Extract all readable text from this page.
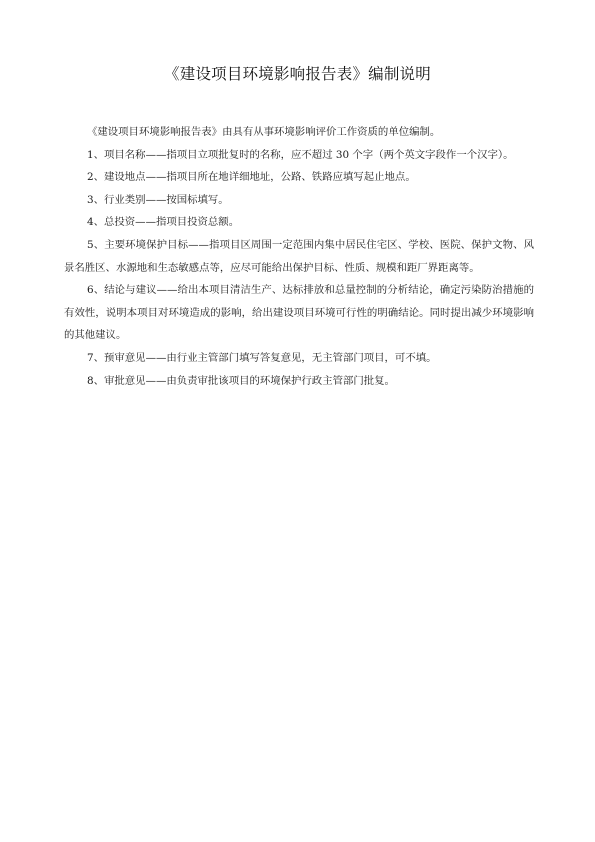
《建设项目环境影响报告表》编制说明

《建设项目环境影响报告表》由具有从事环境影响评价工作资质的单位编制。

1、项目名称——指项目立项批复时的名称，应不超过 30 个字（两个英文字段作一个汉字）。

2、建设地点——指项目所在地详细地址，公路、铁路应填写起止地点。

3、行业类别——按国标填写。

4、总投资——指项目投资总额。

5、主要环境保护目标——指项目区周围一定范围内集中居民住宅区、学校、医院、保护文物、风景名胜区、水源地和生态敏感点等，应尽可能给出保护目标、性质、规模和距厂界距离等。

6、结论与建议——给出本项目清洁生产、达标排放和总量控制的分析结论，确定污染防治措施的有效性，说明本项目对环境造成的影响，给出建设项目环境可行性的明确结论。同时提出减少环境影响的其他建议。

7、预审意见——由行业主管部门填写答复意见，无主管部门项目，可不填。

8、审批意见——由负责审批该项目的环境保护行政主管部门批复。
